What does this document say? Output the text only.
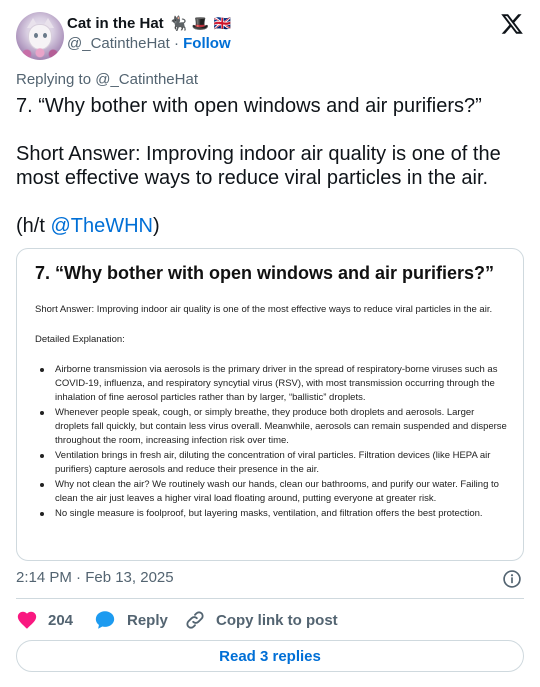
Cat in the Hat 🐈‍⬛ 🎩 🇬🇧
@_CatintheHat · Follow
Replying to @_CatintheHat

7. “Why bother with open windows and air purifiers?”

Short Answer: Improving indoor air quality is one of the most effective ways to reduce viral particles in the air.

(h/t @TheWHN)

7. “Why bother with open windows and air purifiers?”
Short Answer: Improving indoor air quality is one of the most effective ways to reduce viral particles in the air.
Detailed Explanation:
Airborne transmission via aerosols is the primary driver in the spread of respiratory-borne viruses such as COVID-19, influenza, and respiratory syncytial virus (RSV), with most transmission occurring through the inhalation of fine aerosol particles rather than by larger, “ballistic” droplets.
Whenever people speak, cough, or simply breathe, they produce both droplets and aerosols. Larger droplets fall quickly, but contain less virus overall. Meanwhile, aerosols can remain suspended and disperse throughout the room, increasing infection risk over time.
Ventilation brings in fresh air, diluting the concentration of viral particles. Filtration devices (like HEPA air purifiers) capture aerosols and reduce their presence in the air.
Why not clean the air? We routinely wash our hands, clean our bathrooms, and purify our water. Failing to clean the air just leaves a higher viral load floating around, putting everyone at greater risk.
No single measure is foolproof, but layering masks, ventilation, and filtration offers the best protection.
2:14 PM · Feb 13, 2025
204	Reply	Copy link to post
Read 3 replies
